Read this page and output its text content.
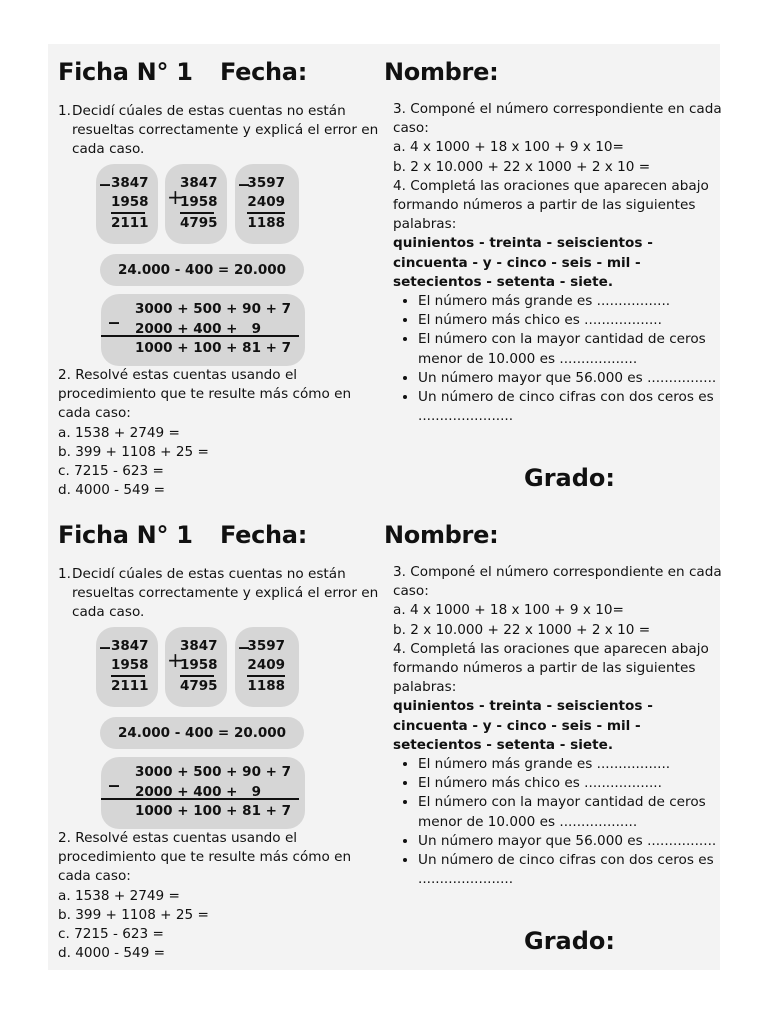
Ficha N° 1 Fecha:	Nombre:
1. Decidí cúales de estas cuentas no están resueltas correctamente y explicá el error en cada caso.
_ 3847
1958
2111
+
3847
1958
4795
_
3597
2409
1188
24.000 - 400 = 20.000
_ 3000 + 500 + 90 + 7
2000 + 400 +   9
1000 + 100 + 81 + 7
2. Resolvé estas cuentas usando el procedimiento que te resulte más cómo en cada caso:
a. 1538 + 2749 =
b. 399 + 1108 + 25 =
c. 7215 - 623 =
d. 4000 - 549 =
3. Componé el número correspondiente en cada caso:
a. 4 x 1000 + 18 x 100 + 9 x 10=
b. 2 x 10.000 + 22 x 1000 + 2 x 10 =
4. Completá las oraciones que aparecen abajo formando números a partir de las siguientes palabras:
quinientos - treinta - seiscientos - cincuenta - y - cinco - seis - mil - setecientos - setenta - siete.
• El número más grande es .................
• El número más chico es ..................
• El número con la mayor cantidad de ceros menor de 10.000 es ..................
• Un número mayor que 56.000 es ................
• Un número de cinco cifras con dos ceros es ......................
Grado:
Ficha N° 1 Fecha:	Nombre:
1. Decidí cúales de estas cuentas no están resueltas correctamente y explicá el error en cada caso.
_ 3847
1958
2111
+
3847
1958
4795
_
3597
2409
1188
24.000 - 400 = 20.000
_ 3000 + 500 + 90 + 7
2000 + 400 +   9
1000 + 100 + 81 + 7
2. Resolvé estas cuentas usando el procedimiento que te resulte más cómo en cada caso:
a. 1538 + 2749 =
b. 399 + 1108 + 25 =
c. 7215 - 623 =
d. 4000 - 549 =
3. Componé el número correspondiente en cada caso:
a. 4 x 1000 + 18 x 100 + 9 x 10=
b. 2 x 10.000 + 22 x 1000 + 2 x 10 =
4. Completá las oraciones que aparecen abajo formando números a partir de las siguientes palabras:
quinientos - treinta - seiscientos - cincuenta - y - cinco - seis - mil - setecientos - setenta - siete.
• El número más grande es .................
• El número más chico es ..................
• El número con la mayor cantidad de ceros menor de 10.000 es ..................
• Un número mayor que 56.000 es ................
• Un número de cinco cifras con dos ceros es ......................
Grado:
